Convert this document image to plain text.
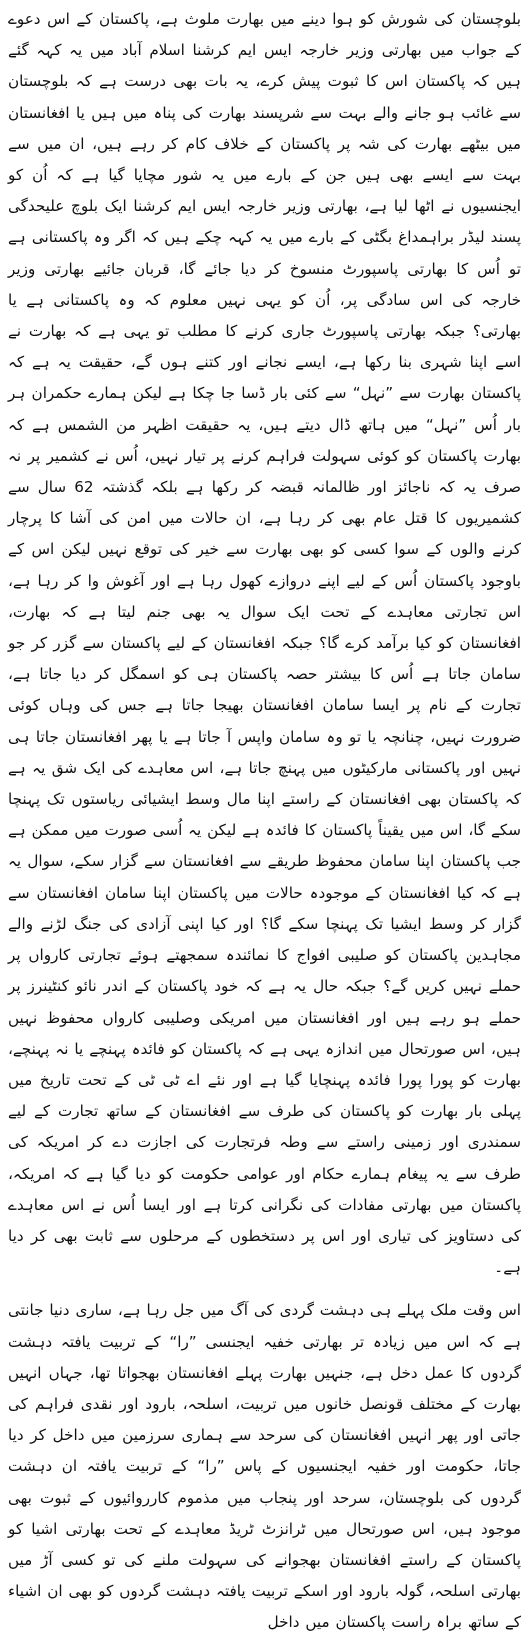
بلوچستان کی شورش کو ہوا دینے میں بھارت ملوث ہے، پاکستان کے اس دعوے کے جواب میں بھارتی وزیر خارجہ ایس ایم کرشنا اسلام آباد میں یہ کہہ گئے ہیں کہ پاکستان اس کا ثبوت پیش کرے، یہ بات بھی درست ہے کہ بلوچستان سے غائب ہو جانے والے بہت سے شرپسند بھارت کی پناہ میں ہیں یا افغانستان میں بیٹھے بھارت کی شہ پر پاکستان کے خلاف کام کر رہے ہیں، ان میں سے بہت سے ایسے بھی ہیں جن کے بارے میں یہ شور مچایا گیا ہے کہ اُن کو ایجنسیوں نے اٹھا لیا ہے، بھارتی وزیر خارجہ ایس ایم کرشنا ایک بلوچ علیحدگی پسند لیڈر براہمداغ بگٹی کے بارے میں یہ کہہ چکے ہیں کہ اگر وہ پاکستانی ہے تو اُس کا بھارتی پاسپورٹ منسوخ کر دیا جائے گا، قربان جائیے بھارتی وزیر خارجہ کی اس سادگی پر، اُن کو یہی نہیں معلوم کہ وہ پاکستانی ہے یا بھارتی؟ جبکہ بھارتی پاسپورٹ جاری کرنے کا مطلب تو یہی ہے کہ بھارت نے اسے اپنا شہری بنا رکھا ہے، ایسے نجانے اور کتنے ہوں گے، حقیقت یہ ہے کہ پاکستان بھارت سے ”نہل“ سے کئی بار ڈسا جا چکا ہے لیکن ہمارے حکمران ہر بار اُس ”نہل“ میں ہاتھ ڈال دیتے ہیں، یہ حقیقت اظہر من الشمس ہے کہ بھارت پاکستان کو کوئی سہولت فراہم کرنے پر تیار نہیں، اُس نے کشمیر پر نہ صرف یہ کہ ناجائز اور ظالمانہ قبضہ کر رکھا ہے بلکہ گذشتہ 62 سال سے کشمیریوں کا قتل عام بھی کر رہا ہے، ان حالات میں امن کی آشا کا پرچار کرنے والوں کے سوا کسی کو بھی بھارت سے خیر کی توقع نہیں لیکن اس کے باوجود پاکستان اُس کے لیے اپنے دروازے کھول رہا ہے اور آغوش وا کر رہا ہے، اس تجارتی معاہدے کے تحت ایک سوال یہ بھی جنم لیتا ہے کہ بھارت، افغانستان کو کیا برآمد کرے گا؟ جبکہ افغانستان کے لیے پاکستان سے گزر کر جو سامان جاتا ہے اُس کا بیشتر حصہ پاکستان ہی کو اسمگل کر دیا جاتا ہے، تجارت کے نام پر ایسا سامان افغانستان بھیجا جاتا ہے جس کی وہاں کوئی ضرورت نہیں، چنانچہ یا تو وہ سامان واپس آ جاتا ہے یا پھر افغانستان جاتا ہی نہیں اور پاکستانی مارکیٹوں میں پہنچ جاتا ہے، اس معاہدے کی ایک شق یہ ہے کہ پاکستان بھی افغانستان کے راستے اپنا مال وسط ایشیائی ریاستوں تک پہنچا سکے گا، اس میں یقیناً پاکستان کا فائدہ ہے لیکن یہ اُسی صورت میں ممکن ہے جب پاکستان اپنا سامان محفوظ طریقے سے افغانستان سے گزار سکے، سوال یہ ہے کہ کیا افغانستان کے موجودہ حالات میں پاکستان اپنا سامان افغانستان سے گزار کر وسط ایشیا تک پہنچا سکے گا؟ اور کیا اپنی آزادی کی جنگ لڑنے والے مجاہدین پاکستان کو صلیبی افواج کا نمائندہ سمجھتے ہوئے تجارتی کارواں پر حملے نہیں کریں گے؟ جبکہ حال یہ ہے کہ خود پاکستان کے اندر نائو کنٹینرز پر حملے ہو رہے ہیں اور افغانستان میں امریکی وصلیبی کارواں محفوظ نہیں ہیں، اس صورتحال میں اندازہ یہی ہے کہ پاکستان کو فائدہ پہنچے یا نہ پہنچے، بھارت کو پورا پورا فائدہ پہنچایا گیا ہے اور نئے اے ٹی ٹی کے تحت تاریخ میں پہلی بار بھارت کو پاکستان کی طرف سے افغانستان کے ساتھ تجارت کے لیے سمندری اور زمینی راستے سے وطہ فرتجارت کی اجازت دے کر امریکہ کی طرف سے یہ پیغام ہمارے حکام اور عوامی حکومت کو دیا گیا ہے کہ امریکہ، پاکستان میں بھارتی مفادات کی نگرانی کرتا ہے اور ایسا اُس نے اس معاہدے کی دستاویز کی تیاری اور اس پر دستخطوں کے مرحلوں سے ثابت بھی کر دیا ہے۔

اس وقت ملک پہلے ہی دہشت گردی کی آگ میں جل رہا ہے، ساری دنیا جانتی ہے کہ اس میں زیادہ تر بھارتی خفیہ ایجنسی ”را“ کے تربیت یافتہ دہشت گردوں کا عمل دخل ہے، جنہیں بھارت پہلے افغانستان بھجواتا تھا، جہاں انہیں بھارت کے مختلف قونصل خانوں میں تربیت، اسلحہ، بارود اور نقدی فراہم کی جاتی اور پھر انہیں افغانستان کی سرحد سے ہماری سرزمین میں داخل کر دیا جاتا، حکومت اور خفیہ ایجنسیوں کے پاس ”را“ کے تربیت یافتہ ان دہشت گردوں کی بلوچستان، سرحد اور پنجاب میں مذموم کارروائیوں کے ثبوت بھی موجود ہیں، اس صورتحال میں ٹرانزٹ ٹریڈ معاہدے کے تحت بھارتی اشیا کو پاکستان کے راستے افغانستان بھجوانے کی سہولت ملنے کی تو کسی آڑ میں بھارتی اسلحہ، گولہ بارود اور اسکے تربیت یافتہ دہشت گردوں کو بھی ان اشیاء کے ساتھ براہ راست پاکستان میں داخل
